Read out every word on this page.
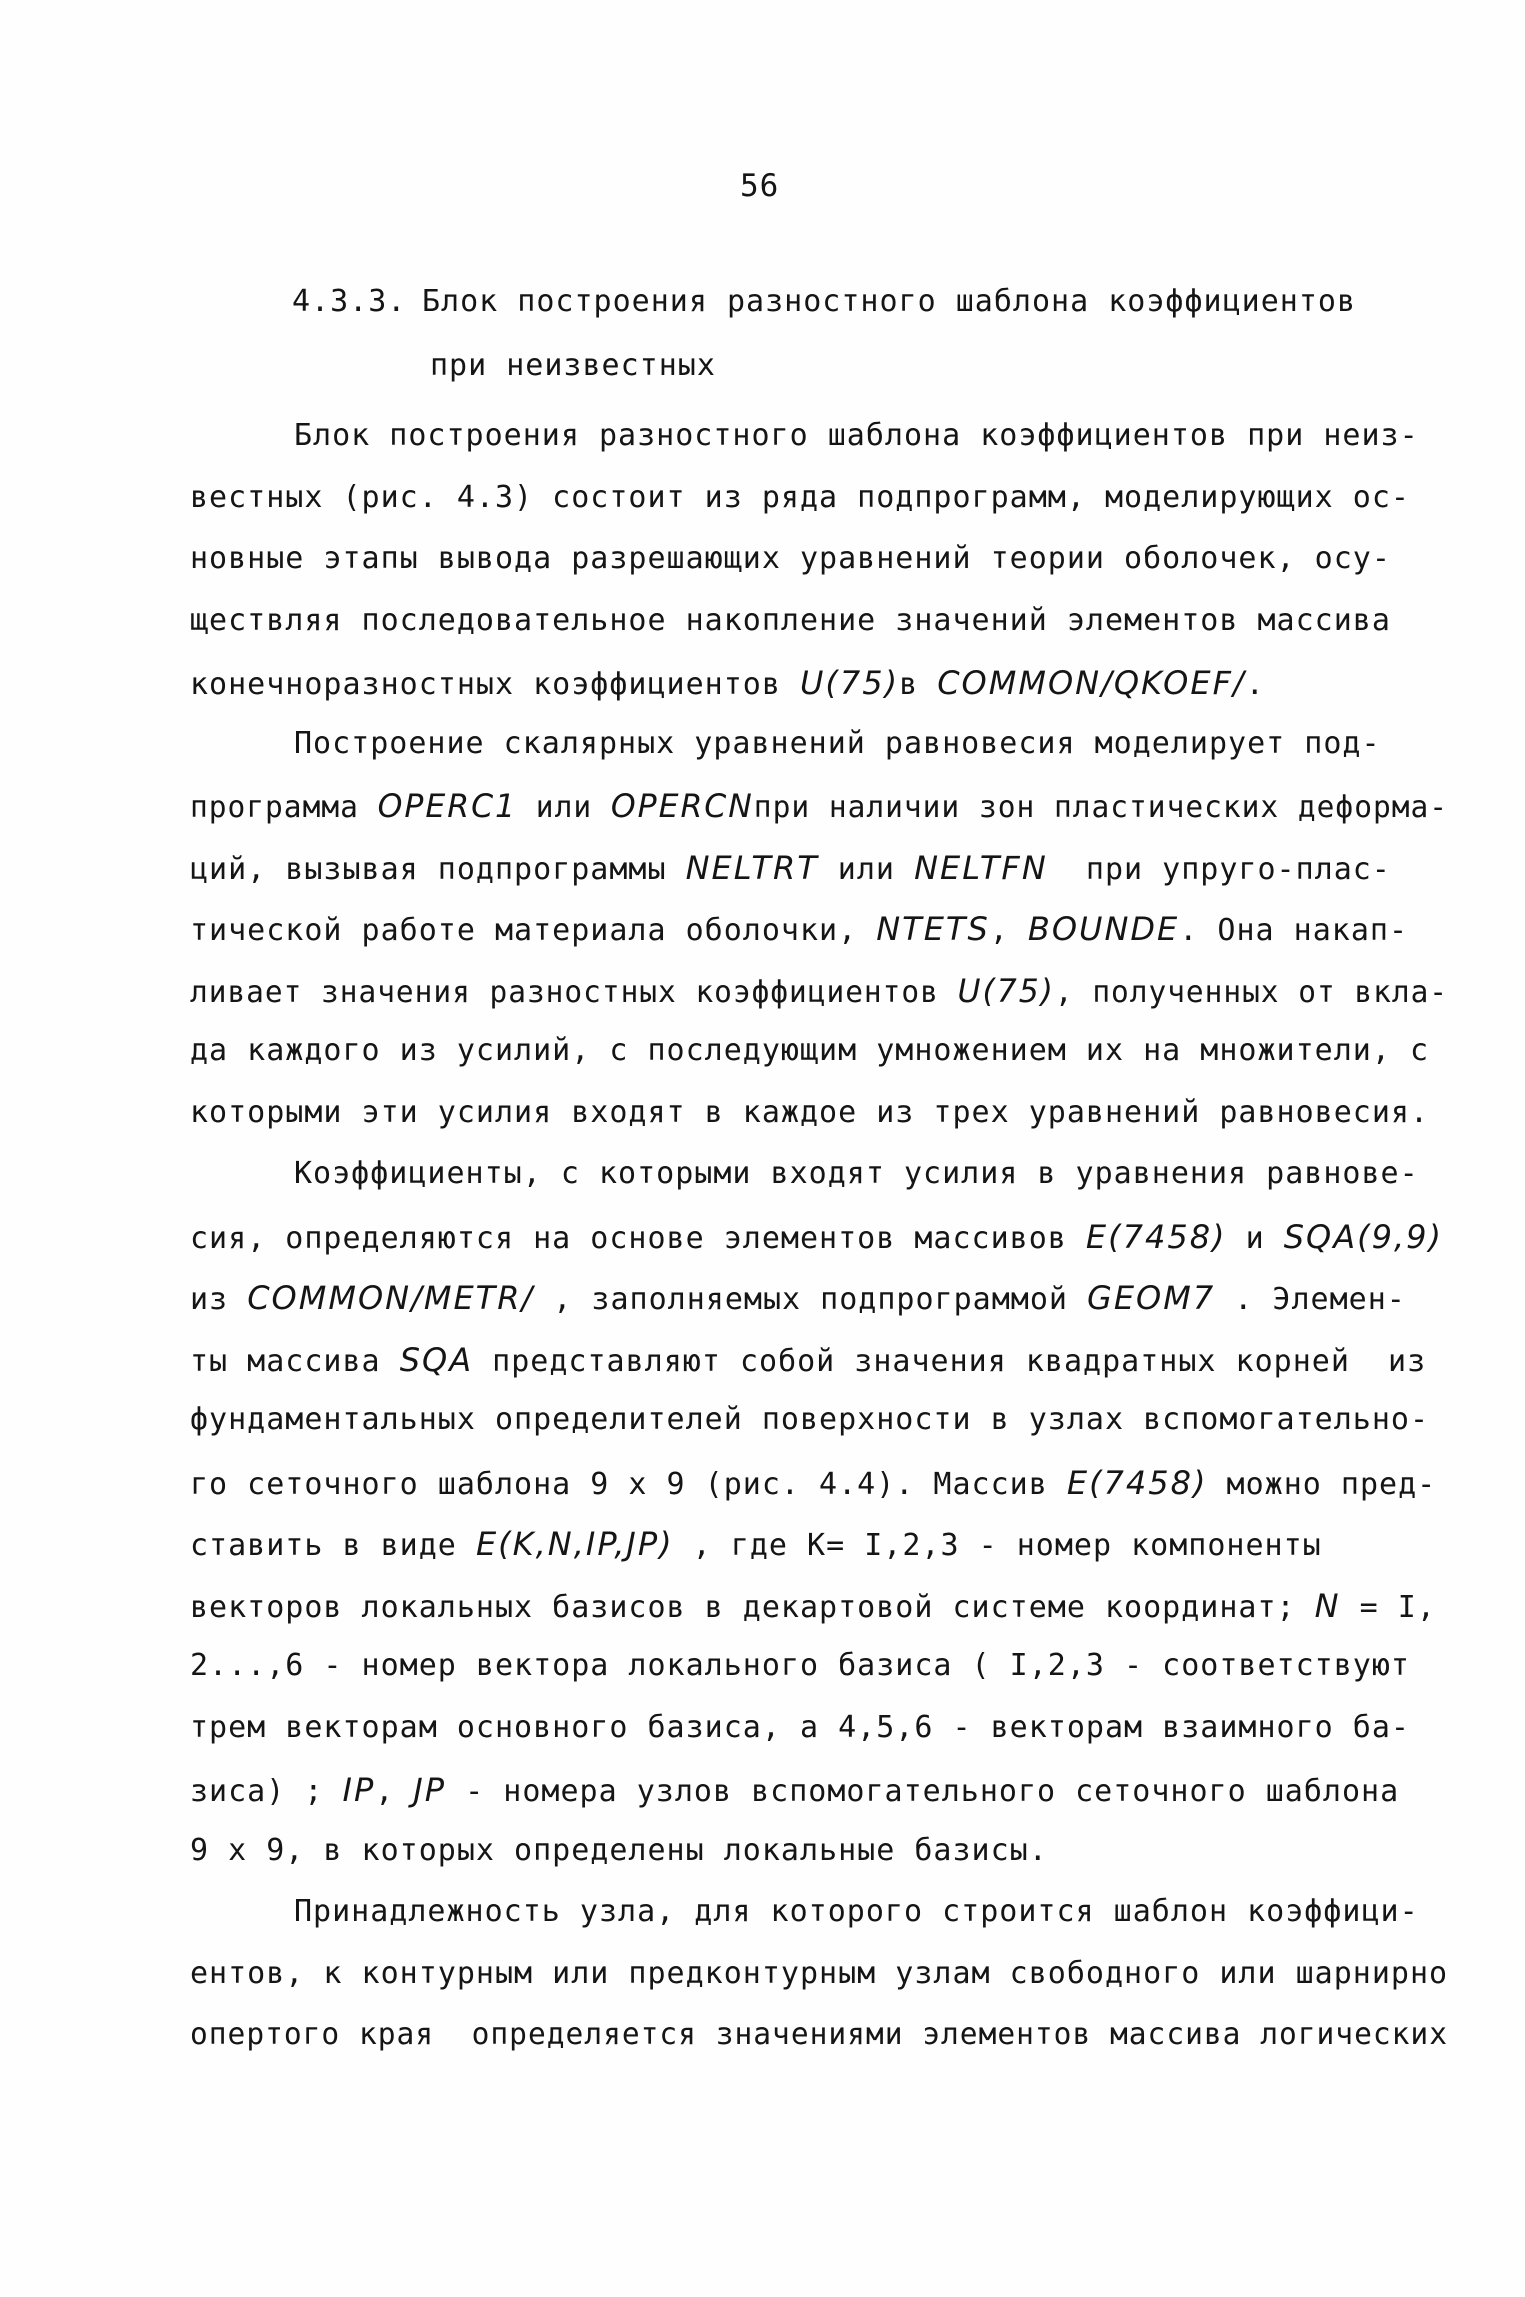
56
4.3.3. Блок построения разностного шаблона коэффициентов
при неизвестных
Блок построения разностного шаблона коэффициентов при неиз-
вестных (рис. 4.3) состоит из ряда подпрограмм, моделирующих ос-
новные этапы вывода разрешающих уравнений теории оболочек, осу-
ществляя последовательное накопление значений элементов массива
конечноразностных коэффициентов U(75)в COMMON/QKOEF/.
Построение скалярных уравнений равновесия моделирует под-
программа OPERC1 или OPERCNпри наличии зон пластических деформа-
ций, вызывая подпрограммы NELTRT или NELTFN  при упруго-плас-
тической работе материала оболочки, NTETS, BOUNDE. Она накап-
ливает значения разностных коэффициентов U(75), полученных от вкла-
да каждого из усилий, с последующим умножением их на множители, с
которыми эти усилия входят в каждое из трех уравнений равновесия.
Коэффициенты, с которыми входят усилия в уравнения равнове-
сия, определяются на основе элементов массивов E(7458) и SQA(9,9)
из COMMON/METR/ , заполняемых подпрограммой GEOM7 . Элемен-
ты массива SQA представляют собой значения квадратных корней  из
фундаментальных определителей поверхности в узлах вспомогательно-
го сеточного шаблона 9 х 9 (рис. 4.4). Массив E(7458) можно пред-
ставить в виде E(K,N,IP,JP) , где К= I,2,3 - номер компоненты
векторов локальных базисов в декартовой системе координат; N = I,
2...,6 - номер вектора локального базиса ( I,2,3 - соответствуют
трем векторам основного базиса, а 4,5,6 - векторам взаимного ба-
зиса) ; IP, JP - номера узлов вспомогательного сеточного шаблона
9 х 9, в которых определены локальные базисы.
Принадлежность узла, для которого строится шаблон коэффици-
ентов, к контурным или предконтурным узлам свободного или шарнирно
опертого края  определяется значениями элементов массива логических
